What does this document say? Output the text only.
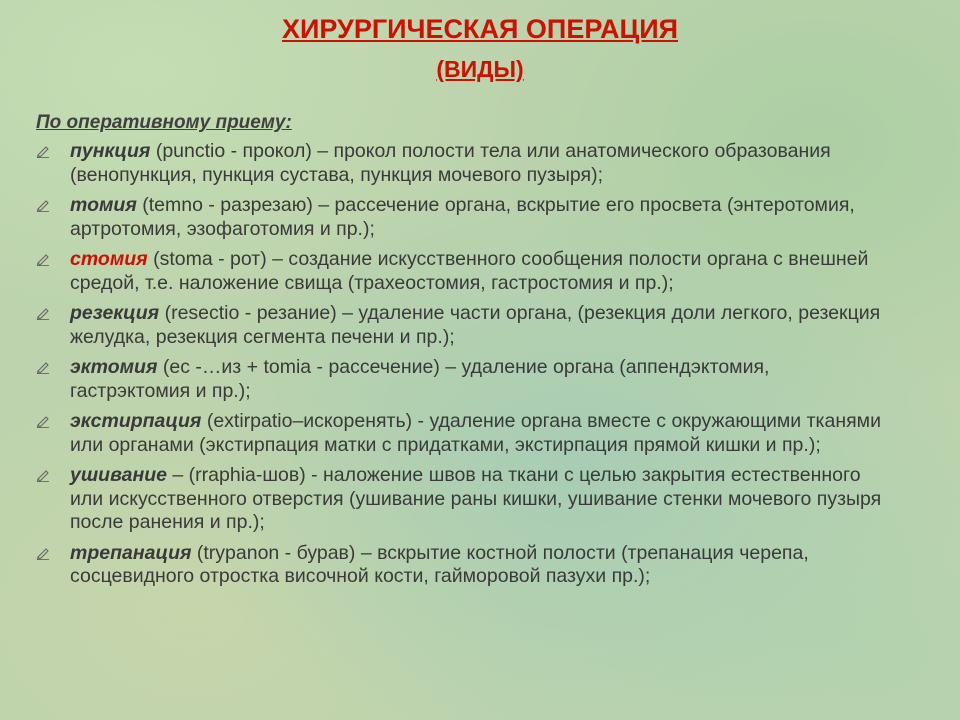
ХИРУРГИЧЕСКАЯ ОПЕРАЦИЯ
(ВИДЫ)

По оперативному приему:

пункция (punctio - прокол) – прокол полости тела или анатомического образования (венопункция, пункция сустава, пункция мочевого пузыря);
томия (temno - разрезаю) – рассечение органа, вскрытие его просвета (энтеротомия, артротомия, эзофаготомия и пр.);
стомия (stoma - рот) – создание искусственного сообщения полости органа с внешней средой, т.е. наложение свища (трахеостомия, гастростомия и пр.);
резекция (resectio - резание) – удаление части органа, (резекция доли легкого, резекция желудка, резекция сегмента печени и пр.);
эктомия (ec -…из + tomia - рассечение) – удаление органа (аппендэктомия, гастрэктомия и пр.);
экстирпация (extirpatio–искоренять) - удаление органа вместе с окружающими тканями или органами (экстирпация матки с придатками, экстирпация прямой кишки и пр.);
ушивание – (rraphia-шов) - наложение швов на ткани с целью закрытия естественного или искусственного отверстия (ушивание раны кишки, ушивание стенки мочевого пузыря после ранения и пр.);
трепанация (trypanon - бурав) – вскрытие костной полости (трепанация черепа, сосцевидного отростка височной кости, гайморовой пазухи пр.);
